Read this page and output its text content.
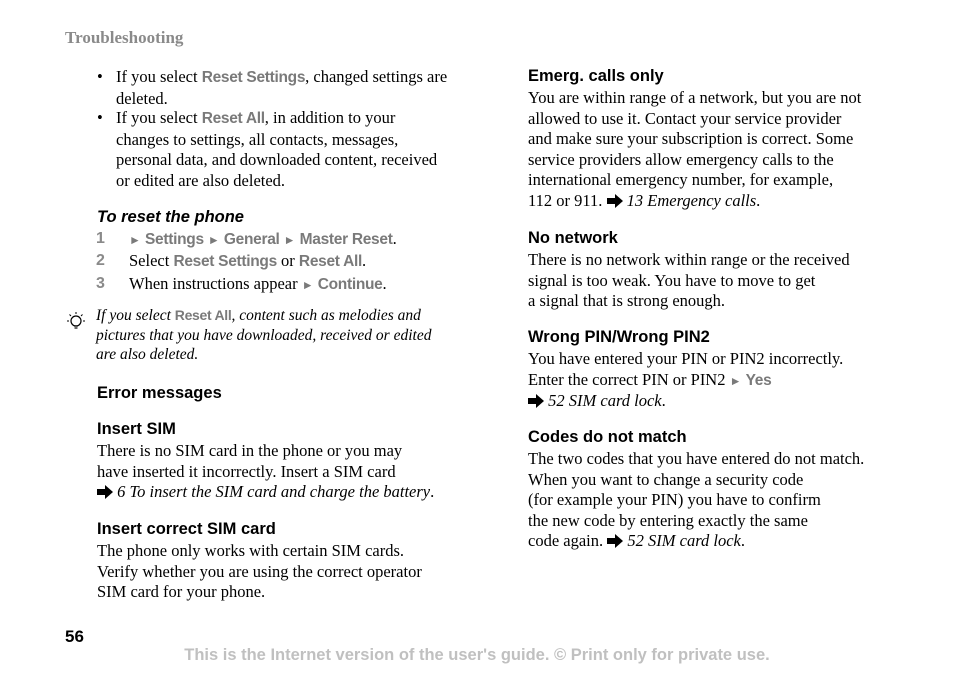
Troubleshooting
• If you select Reset Settings, changed settings are
deleted.
• If you select Reset All, in addition to your
changes to settings, all contacts, messages,
personal data, and downloaded content, received
or edited are also deleted.
To reset the phone
1 ► Settings ► General ► Master Reset.
2 Select Reset Settings or Reset All.
3 When instructions appear ► Continue.
If you select Reset All, content such as melodies and
pictures that you have downloaded, received or edited
are also deleted.
Error messages
Insert SIM
There is no SIM card in the phone or you may
have inserted it incorrectly. Insert a SIM card
6 To insert the SIM card and charge the battery.
Insert correct SIM card
The phone only works with certain SIM cards.
Verify whether you are using the correct operator
SIM card for your phone.
Emerg. calls only
You are within range of a network, but you are not
allowed to use it. Contact your service provider
and make sure your subscription is correct. Some
service providers allow emergency calls to the
international emergency number, for example,
112 or 911.  13 Emergency calls.
No network
There is no network within range or the received
signal is too weak. You have to move to get
a signal that is strong enough.
Wrong PIN/Wrong PIN2
You have entered your PIN or PIN2 incorrectly.
Enter the correct PIN or PIN2 ► Yes
52 SIM card lock.
Codes do not match
The two codes that you have entered do not match.
When you want to change a security code
(for example your PIN) you have to confirm
the new code by entering exactly the same
code again.  52 SIM card lock.
56
This is the Internet version of the user's guide. © Print only for private use.
